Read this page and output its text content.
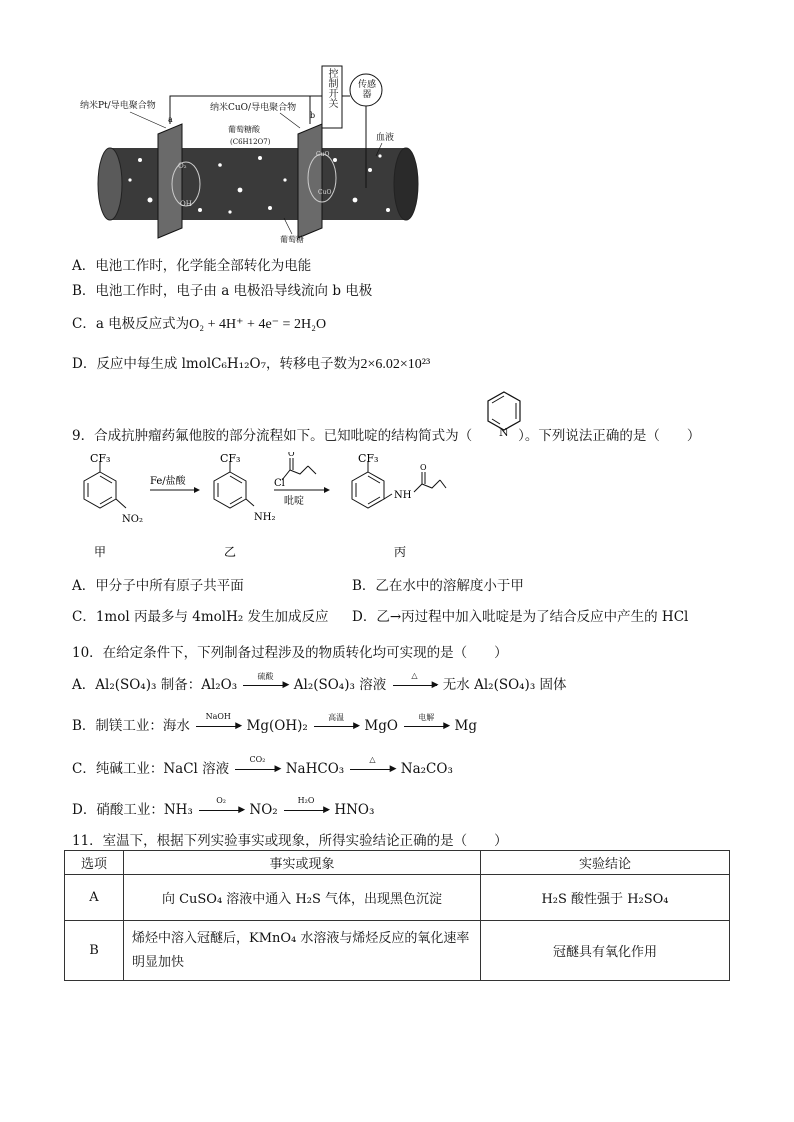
O₂
OH
CuO
CuO
纳米Pt/导电聚合物	纳米CuO/导电聚合物
a	b
葡萄糖酸
(C6H12O7)	血液
葡萄糖
控制开关 传感器
A．电池工作时，化学能全部转化为电能
B．电池工作时，电子由 a 电极沿导线流向 b 电极
C．a 电极反应式为O₂ + 4H⁺ + 4e⁻ = 2H₂O
D．反应中每生成 lmolC₆H₁₂O₇，转移电子数为2×6.02×10²³
9．合成抗肿瘤药氟他胺的部分流程如下。已知吡啶的结构简式为（	）。下列说法正确的是（　　）
N
CF₃
NO₂
Fe/盐酸
CF₃
NH₂
O
Cl
吡啶
CF₃
NH
O
甲	乙	丙
A．甲分子中所有原子共平面	B．乙在水中的溶解度小于甲
C．1mol 丙最多与 4molH₂ 发生加成反应 D．乙→丙过程中加入吡啶是为了结合反应中产生的 HCl
10．在给定条件下，下列制备过程涉及的物质转化均可实现的是（　　）
A．Al₂(SO₄)₃ 制备：Al₂O₃
硫酸
▶ Al₂(SO₄)₃ 溶液
△
▶ 无水 Al₂(SO₄)₃ 固体
B．制镁工业：海水
NaOH
▶ Mg(OH)₂
高温
▶ MgO
电解
▶ Mg
C．纯碱工业：NaCl 溶液
CO₂
▶ NaHCO₃
△
▶ Na₂CO₃
D．硝酸工业：NH₃
O₂
▶ NO₂
H₂O
▶ HNO₃
11．室温下，根据下列实验事实或现象，所得实验结论正确的是（　　）
选项	事实或现象	实验结论
A	向 CuSO₄ 溶液中通入 H₂S 气体，出现黑色沉淀	H₂S 酸性强于 H₂SO₄
B	烯烃中溶入冠醚后，KMnO₄ 水溶液与烯烃反应的氧化速率明显加快	冠醚具有氧化作用
